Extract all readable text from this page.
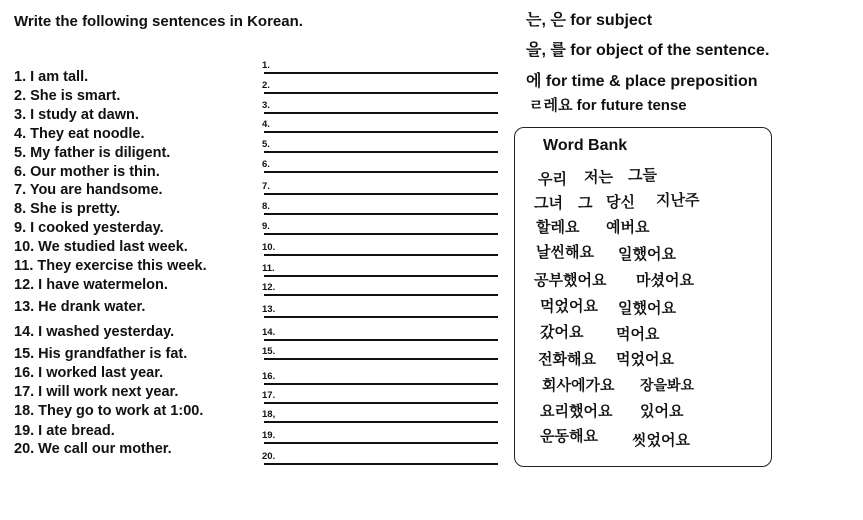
Write the following sentences in Korean.
1. I am tall.
2. She is smart.
3. I study at dawn.
4. They eat noodle.
5. My father is diligent.
6. Our mother is thin.
7. You are handsome.
8. She is pretty.
9. I cooked yesterday.
10. We studied last week.
11. They exercise this week.
12. I have watermelon.
13. He drank water.
14. I washed yesterday.
15. His grandfather is fat.
16. I worked last year.
17. I will work next year.
18. They go to work at 1:00.
19. I ate bread.
20. We call our mother.
1.
2.
3.
4.
5.
6.
7.
8.
9.
10.
11.
12.
13.
14.
15.
16.
17.
18,
19.
20.
는, 은 for subject
을, 를 for object of the sentence.
에 for time & place preposition
ㄹ레요 for future tense
Word Bank
우리 저는 그들
그녀 그 당신 지난주
할레요 예버요
날씬해요 일했어요
공부했어요 마셨어요
먹었어요 일했어요
갔어요 먹어요
전화해요 먹었어요
회사에가요 장을봐요
요리했어요 있어요
운동해요 씻었어요
